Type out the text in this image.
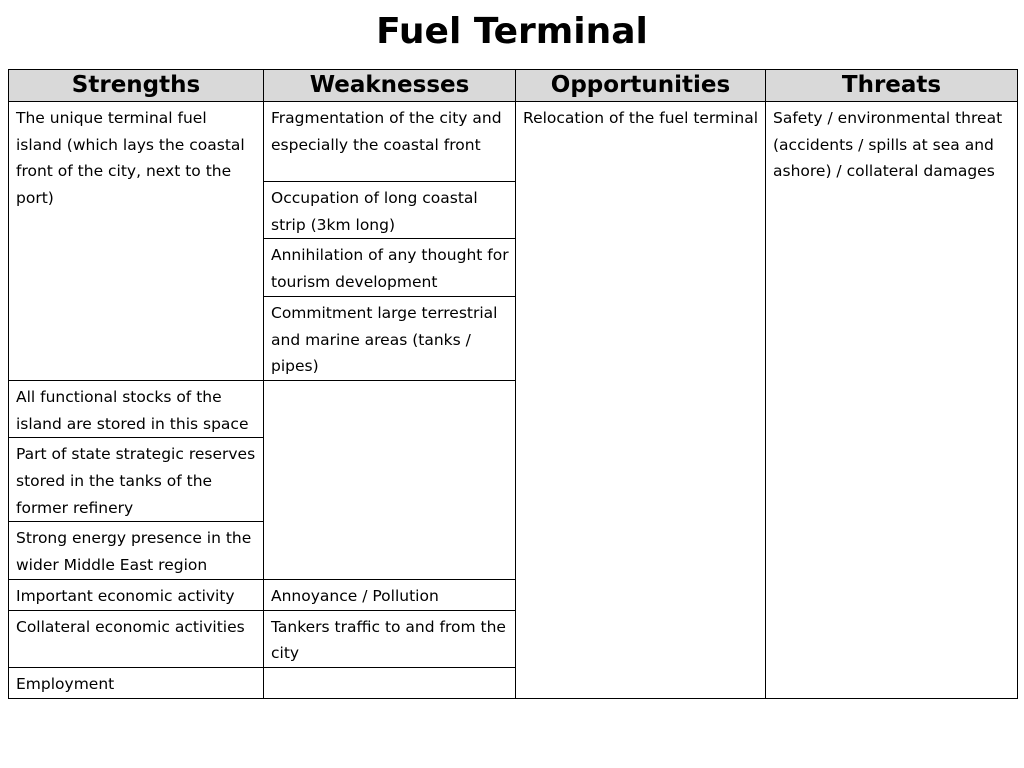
Fuel Terminal
Strengths	Weaknesses	Opportunities	Threats
The unique terminal fuel island (which lays the coastal front of the city, next to the port)	Fragmentation of the city and especially the coastal front	Relocation of the fuel terminal	Safety / environmental threat (accidents / spills at sea and ashore) / collateral damages
	Occupation of long coastal strip (3km long)		
	Annihilation of any thought for tourism development		
	Commitment large terrestrial and marine areas (tanks / pipes)		
All functional stocks of the island are stored in this space			
Part of state strategic reserves stored in the tanks of the former refinery			
Strong energy presence in the wider Middle East region			
Important economic activity	Annoyance / Pollution		
Collateral economic activities	Tankers traffic to and from the city		
Employment			
